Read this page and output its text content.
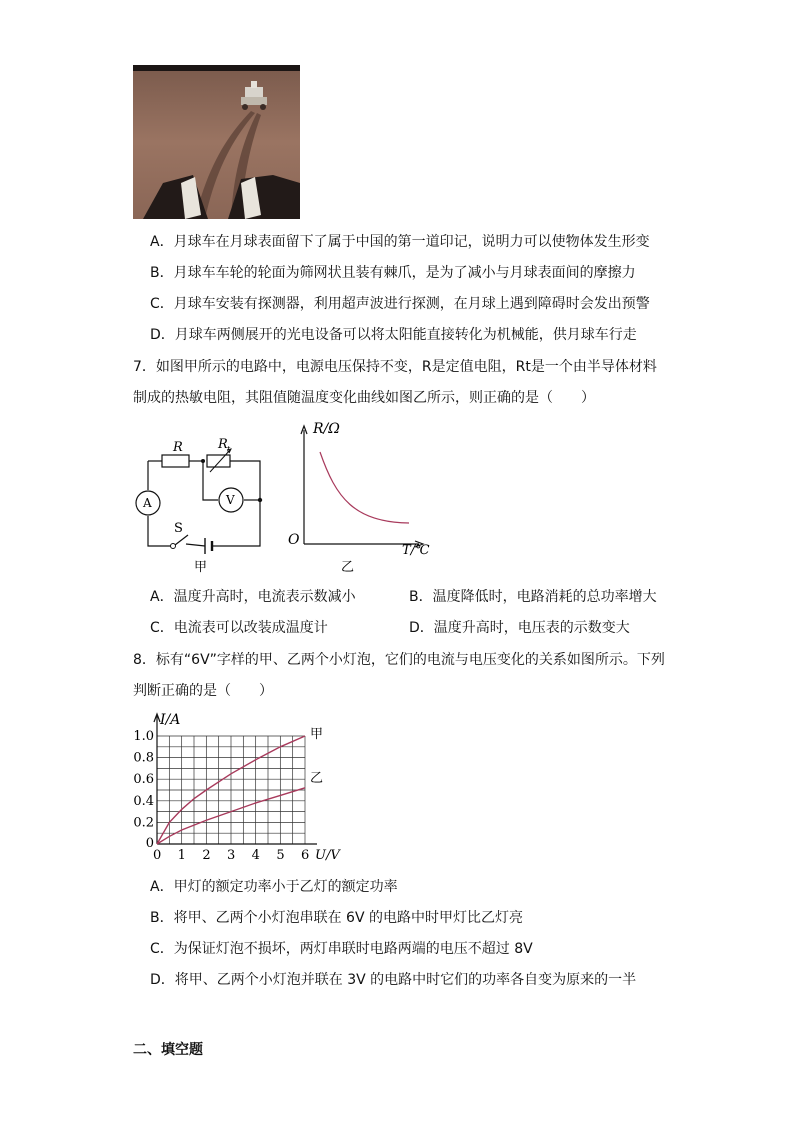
A．月球车在月球表面留下了属于中国的第一道印记，说明力可以使物体发生形变
B．月球车车轮的轮面为筛网状且装有棘爪，是为了减小与月球表面间的摩擦力
C．月球车安装有探测器，利用超声波进行探测，在月球上遇到障碍时会发出预警
D．月球车两侧展开的光电设备可以将太阳能直接转化为机械能，供月球车行走
7．如图甲所示的电路中，电源电压保持不变，R是定值电阻，Rt是一个由半导体材料
制成的热敏电阻，其阻值随温度变化曲线如图乙所示，则正确的是（　　）
R	R t
A	V
S
甲
R/Ω
O
T/℃
乙
A．温度升高时，电流表示数减小	B．温度降低时，电路消耗的总功率增大
C．电流表可以改装成温度计	D．温度升高时，电压表的示数变大
8．标有“6V”字样的甲、乙两个小灯泡，它们的电流与电压变化的关系如图所示。下列
判断正确的是（　　）
0 1 2 3 4 5 6
0.2
0.4
0.6
0.8
1.0
0
I/A
U/V
甲
乙
A．甲灯的额定功率小于乙灯的额定功率
B．将甲、乙两个小灯泡串联在 6V 的电路中时甲灯比乙灯亮
C．为保证灯泡不损坏，两灯串联时电路两端的电压不超过 8V
D．将甲、乙两个小灯泡并联在 3V 的电路中时它们的功率各自变为原来的一半
二、填空题
